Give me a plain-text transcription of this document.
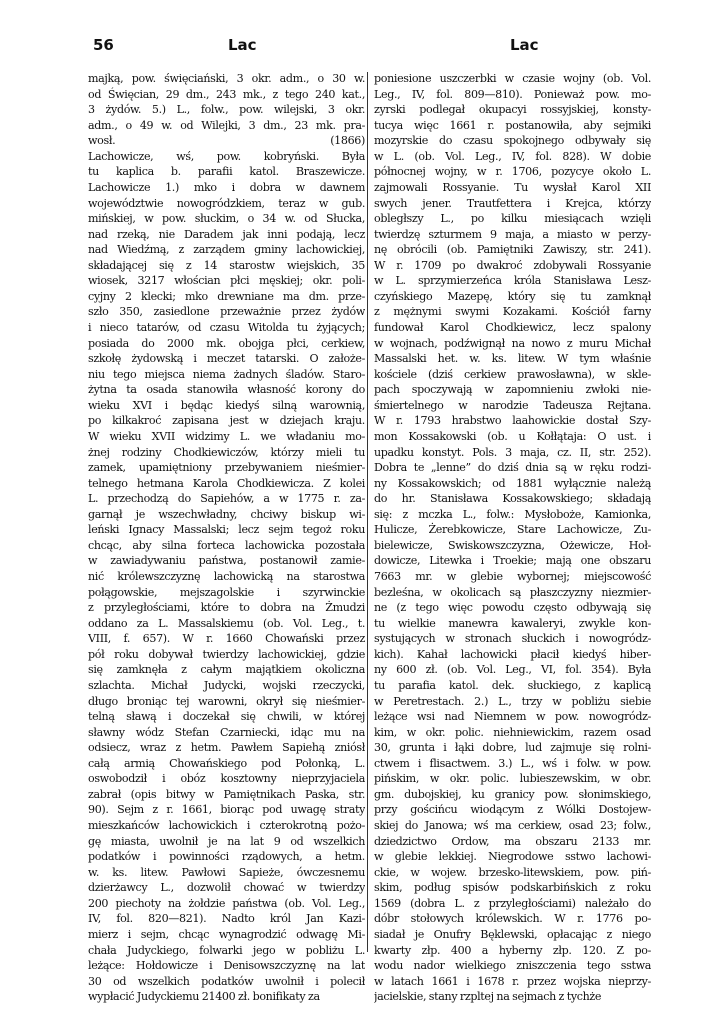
56	Lac	Lac
majką, pow. święciański, 3 okr. adm., o 30 w.
od Święcian, 29 dm., 243 mk., z tego 240 kat.,
3 żydów. 5.) L., folw., pow. wilejski, 3 okr.
adm., o 49 w. od Wilejki, 3 dm., 23 mk. pra-
wosł. (1866)
Lachowicze, wś, pow. kobryński. Była
tu kaplica b. parafii katol. Braszewicze.
Lachowicze 1.) mko i dobra w dawnem
województwie nowogródzkiem, teraz w gub.
mińskiej, w pow. słuckim, o 34 w. od Słucka,
nad rzeką, nie Daradem jak inni podają, lecz
nad Wiedźmą, z zarządem gminy lachowickiej,
składającej się z 14 starostw wiejskich, 35
wiosek, 3217 włościan płci męskiej; okr. poli-
cyjny 2 klecki; mko drewniane ma dm. prze-
szło 350, zasiedlone przeważnie przez żydów
i nieco tatarów, od czasu Witolda tu żyjących;
posiada do 2000 mk. obojga płci, cerkiew,
szkołę żydowską i meczet tatarski. O założe-
niu tego miejsca niema żadnych śladów. Staro-
żytna ta osada stanowiła własność korony do
wieku XVI i będąc kiedyś silną warownią,
po kilkakroć zapisana jest w dziejach kraju.
W wieku XVII widzimy L. we władaniu mo-
żnej rodziny Chodkiewiczów, którzy mieli tu
zamek, upamiętniony przebywaniem nieśmier-
telnego hetmana Karola Chodkiewicza. Z kolei
L. przechodzą do Sapiehów, a w 1775 r. za-
garnął je wszechwładny, chciwy biskup wi-
leński Ignacy Massalski; lecz sejm tegoż roku
chcąc, aby silna forteca lachowicka pozostała
w zawiadywaniu państwa, postanowił zamie-
nić królewszczyznę lachowicką na starostwa
połągowskie, mejszagolskie i szyrwinckie
z przyległościami, które to dobra na Żmudzi
oddano za L. Massalskiemu (ob. Vol. Leg., t.
VIII, f. 657). W r. 1660 Chowański przez
pół roku dobywał twierdzy lachowickiej, gdzie
się zamknęła z całym majątkiem okoliczna
szlachta. Michał Judycki, wojski rzeczycki,
długo broniąc tej warowni, okrył się nieśmier-
telną sławą i doczekał się chwili, w której
sławny wódz Stefan Czarniecki, idąc mu na
odsiecz, wraz z hetm. Pawłem Sapiehą zniósł
całą armią Chowańskiego pod Połonką, L.
oswobodził i obóz kosztowny nieprzyjaciela
zabrał (opis bitwy w Pamiętnikach Paska, str.
90). Sejm z r. 1661, biorąc pod uwagę straty
mieszkańców lachowickich i czterokrotną pożo-
gę miasta, uwolnił je na lat 9 od wszelkich
podatków i powinności rządowych, a hetm.
w. ks. litew. Pawłowi Sapieże, ówczesnemu
dzierżawcy L., dozwolił chować w twierdzy
200 piechoty na żołdzie państwa (ob. Vol. Leg.,
IV, fol. 820—821). Nadto król Jan Kazi-
mierz i sejm, chcąc wynagrodzić odwagę Mi-
chała Judyckiego, folwarki jego w pobliżu L.
leżące: Hołdowicze i Denisowszczyznę na lat
30 od wszelkich podatków uwolnił i polecił
wypłacić Judyckiemu 21400 zł. bonifikaty za
poniesione uszczerbki w czasie wojny (ob. Vol.
Leg., IV, fol. 809—810). Ponieważ pow. mo-
zyrski podlegał okupacyi rossyjskiej, konsty-
tucya więc 1661 r. postanowiła, aby sejmiki
mozyrskie do czasu spokojnego odbywały się
w L. (ob. Vol. Leg., IV, fol. 828). W dobie
północnej wojny, w r. 1706, pozycye około L.
zajmowali Rossyanie. Tu wysłał Karol XII
swych jener. Trautfettera i Krejca, którzy
obległszy L., po kilku miesiącach wzięli
twierdzę szturmem 9 maja, a miasto w perzy-
nę obrócili (ob. Pamiętniki Zawiszy, str. 241).
W r. 1709 po dwakroć zdobywali Rossyanie
w L. sprzymierzeńca króla Stanisława Lesz-
czyńskiego Mazepę, który się tu zamknął
z mężnymi swymi Kozakami. Kościół farny
fundował Karol Chodkiewicz, lecz spalony
w wojnach, podźwignął na nowo z muru Michał
Massalski het. w. ks. litew. W tym właśnie
kościele (dziś cerkiew prawosławna), w sklе-
pach spoczywają w zapomnieniu zwłoki nie-
śmiertelnego w narodzie Tadeusza Rejtana.
W r. 1793 hrabstwo laahowickie dostał Szy-
mon Kossakowski (ob. u Kołłątaja: O ust. i
upadku konstyt. Pols. 3 maja, cz. II, str. 252).
Dobra te „lenne” do dziś dnia są w ręku rodzi-
ny Kossakowskich; od 1881 wyłącznie należą
do hr. Stanisława Kossakowskiego; składają
się: z mczka L., folw.: Mysłoboże, Kamionka,
Hulicze, Żerebkowicze, Stare Lachowicze, Zu-
bielewicze, Swiskowszczyzna, Ożewicze, Hoł-
dowicze, Litewka i Troekie; mają one obszaru
7663 mr. w glebie wybornej; miejscowość
bezleśna, w okolicach są płaszczyzny niezmier-
ne (z tego więc powodu często odbywają się
tu wielkie manewra kawaleryi, zwykle kon-
systujących w stronach słuckich i nowogródz-
kich). Kahał lachowicki płacił kiedyś hiber-
ny 600 zł. (ob. Vol. Leg., VI, fol. 354). Była
tu parafia katol. dek. słuckiego, z kaplicą
w Peretrestach. 2.) L., trzy w pobliżu siebie
leżące wsi nad Niemnem w pow. nowogródz-
kim, w okr. polic. niehniewickim, razem osad
30, grunta i łąki dobre, lud zajmuje się rolni-
ctwem i flisactwem. 3.) L., wś i folw. w pow.
pińskim, w okr. polic. lubieszewskim, w obr.
gm. dubojskiej, ku granicy pow. słonimskiego,
przy gościńcu wiodącym z Wólki Dostojew-
skiej do Janowa; wś ma cerkiew, osad 23; folw.,
dziedzictwo Ordow, ma obszaru 2133 mr.
w glebie lekkiej. Niegrodowe sstwo lachowi-
ckie, w wojew. brzesko-litewskiem, pow. piń-
skim, podług spisów podskarbińskich z roku
1569 (dobra L. z przyległościami) należało do
dóbr stołowych królewskich. W r. 1776 po-
siadał je Onufry Bęklewski, opłacając z niego
kwarty złp. 400 a hyberny złp. 120. Z po-
wodu nador wielkiego zniszczenia tego sstwa
w latach 1661 i 1678 r. przez wojska nieprzy-
jacielskie, stany rzpltej na sejmach z tychże
